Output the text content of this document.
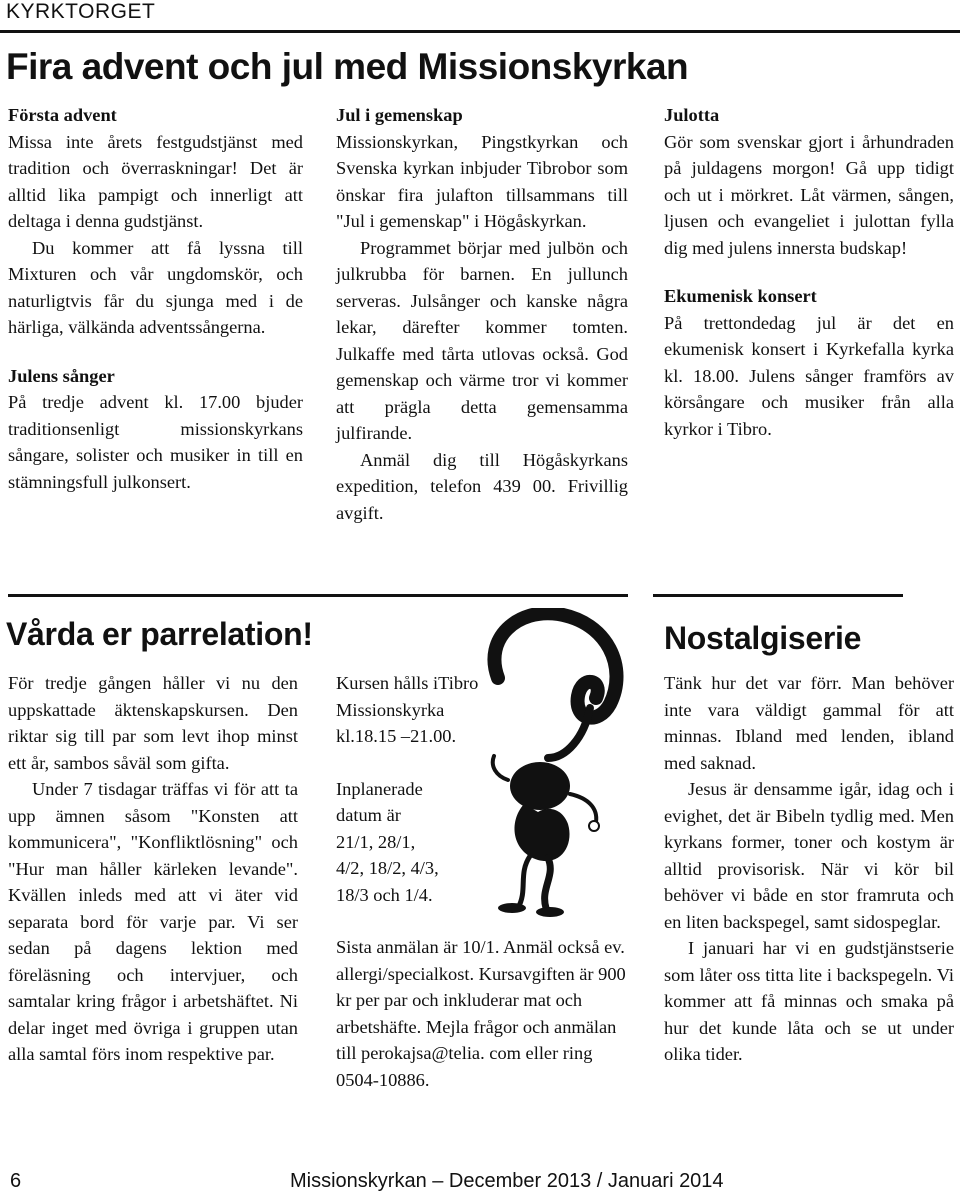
KYRKTORGET
Fira advent och jul med Missionskyrkan
Första advent

Missa inte årets festgudstjänst med tradition och överraskningar! Det är alltid lika pampigt och innerligt att deltaga i denna gudstjänst.

Du kommer att få lyssna till Mixturen och vår ungdomskör, och naturligtvis får du sjunga med i de härliga, välkända adventssångerna.

Julens sånger

På tredje advent kl. 17.00 bjuder traditionsenligt missionskyrkans sångare, solister och musiker in till en stämningsfull julkonsert.

Jul i gemenskap

Missionskyrkan, Pingstkyrkan och Svenska kyrkan inbjuder Tibrobor som önskar fira julafton tillsammans till "Jul i gemenskap" i Högåskyrkan.

Programmet börjar med julbön och julkrubba för barnen. En jullunch serveras. Julsånger och kanske några lekar, därefter kommer tomten. Julkaffe med tårta utlovas också. God gemenskap och värme tror vi kommer att prägla detta gemensamma julfirande.

Anmäl dig till Högåskyrkans expedition, telefon 439 00. Frivillig avgift.

Julotta

Gör som svenskar gjort i århundraden på juldagens morgon! Gå upp tidigt och ut i mörkret. Låt värmen, sången, ljusen och evangeliet i julottan fylla dig med julens innersta budskap!

Ekumenisk konsert

På trettondedag jul är det en ekumenisk konsert i Kyrkefalla kyrka kl. 18.00. Julens sånger framförs av körsångare och musiker från alla kyrkor i Tibro.

Vårda er parrelation!

För tredje gången håller vi nu den uppskattade äktenskapskursen. Den riktar sig till par som levt ihop minst ett år, sambos såväl som gifta.

Under 7 tisdagar träffas vi för att ta upp ämnen såsom "Konsten att kommunicera", "Konfliktlösning" och "Hur man håller kärleken levande". Kvällen inleds med att vi äter vid separata bord för varje par. Vi ser sedan på dagens lektion med föreläsning och intervjuer, och samtalar kring frågor i arbetshäftet. Ni delar inget med övriga i gruppen utan alla samtal förs inom respektive par.

Kursen hålls iTibro
Missionskyrka
kl.18.15 –21.00.
Inplanerade
datum är
21/1, 28/1,
4/2, 18/2, 4/3,
18/3 och 1/4.

Sista anmälan är 10/1. Anmäl också ev. allergi/specialkost. Kursavgiften är 900 kr per par och inkluderar mat och arbetshäfte. Mejla frågor och anmälan till perokajsa@telia. com eller ring 0504-10886.

Nostalgiserie

Tänk hur det var förr. Man behöver inte vara väldigt gammal för att minnas. Ibland med lenden, ibland med saknad.

Jesus är densamme igår, idag och i evighet, det är Bibeln tydlig med. Men kyrkans former, toner och kostym är alltid provisorisk. När vi kör bil behöver vi både en stor framruta och en liten backspegel, samt sidospeglar.

I januari har vi en gudstjänstserie som låter oss titta lite i backspegeln. Vi kommer att få minnas och smaka på hur det kunde låta och se ut under olika tider.

6	Missionskyrkan – December 2013 / Januari 2014
